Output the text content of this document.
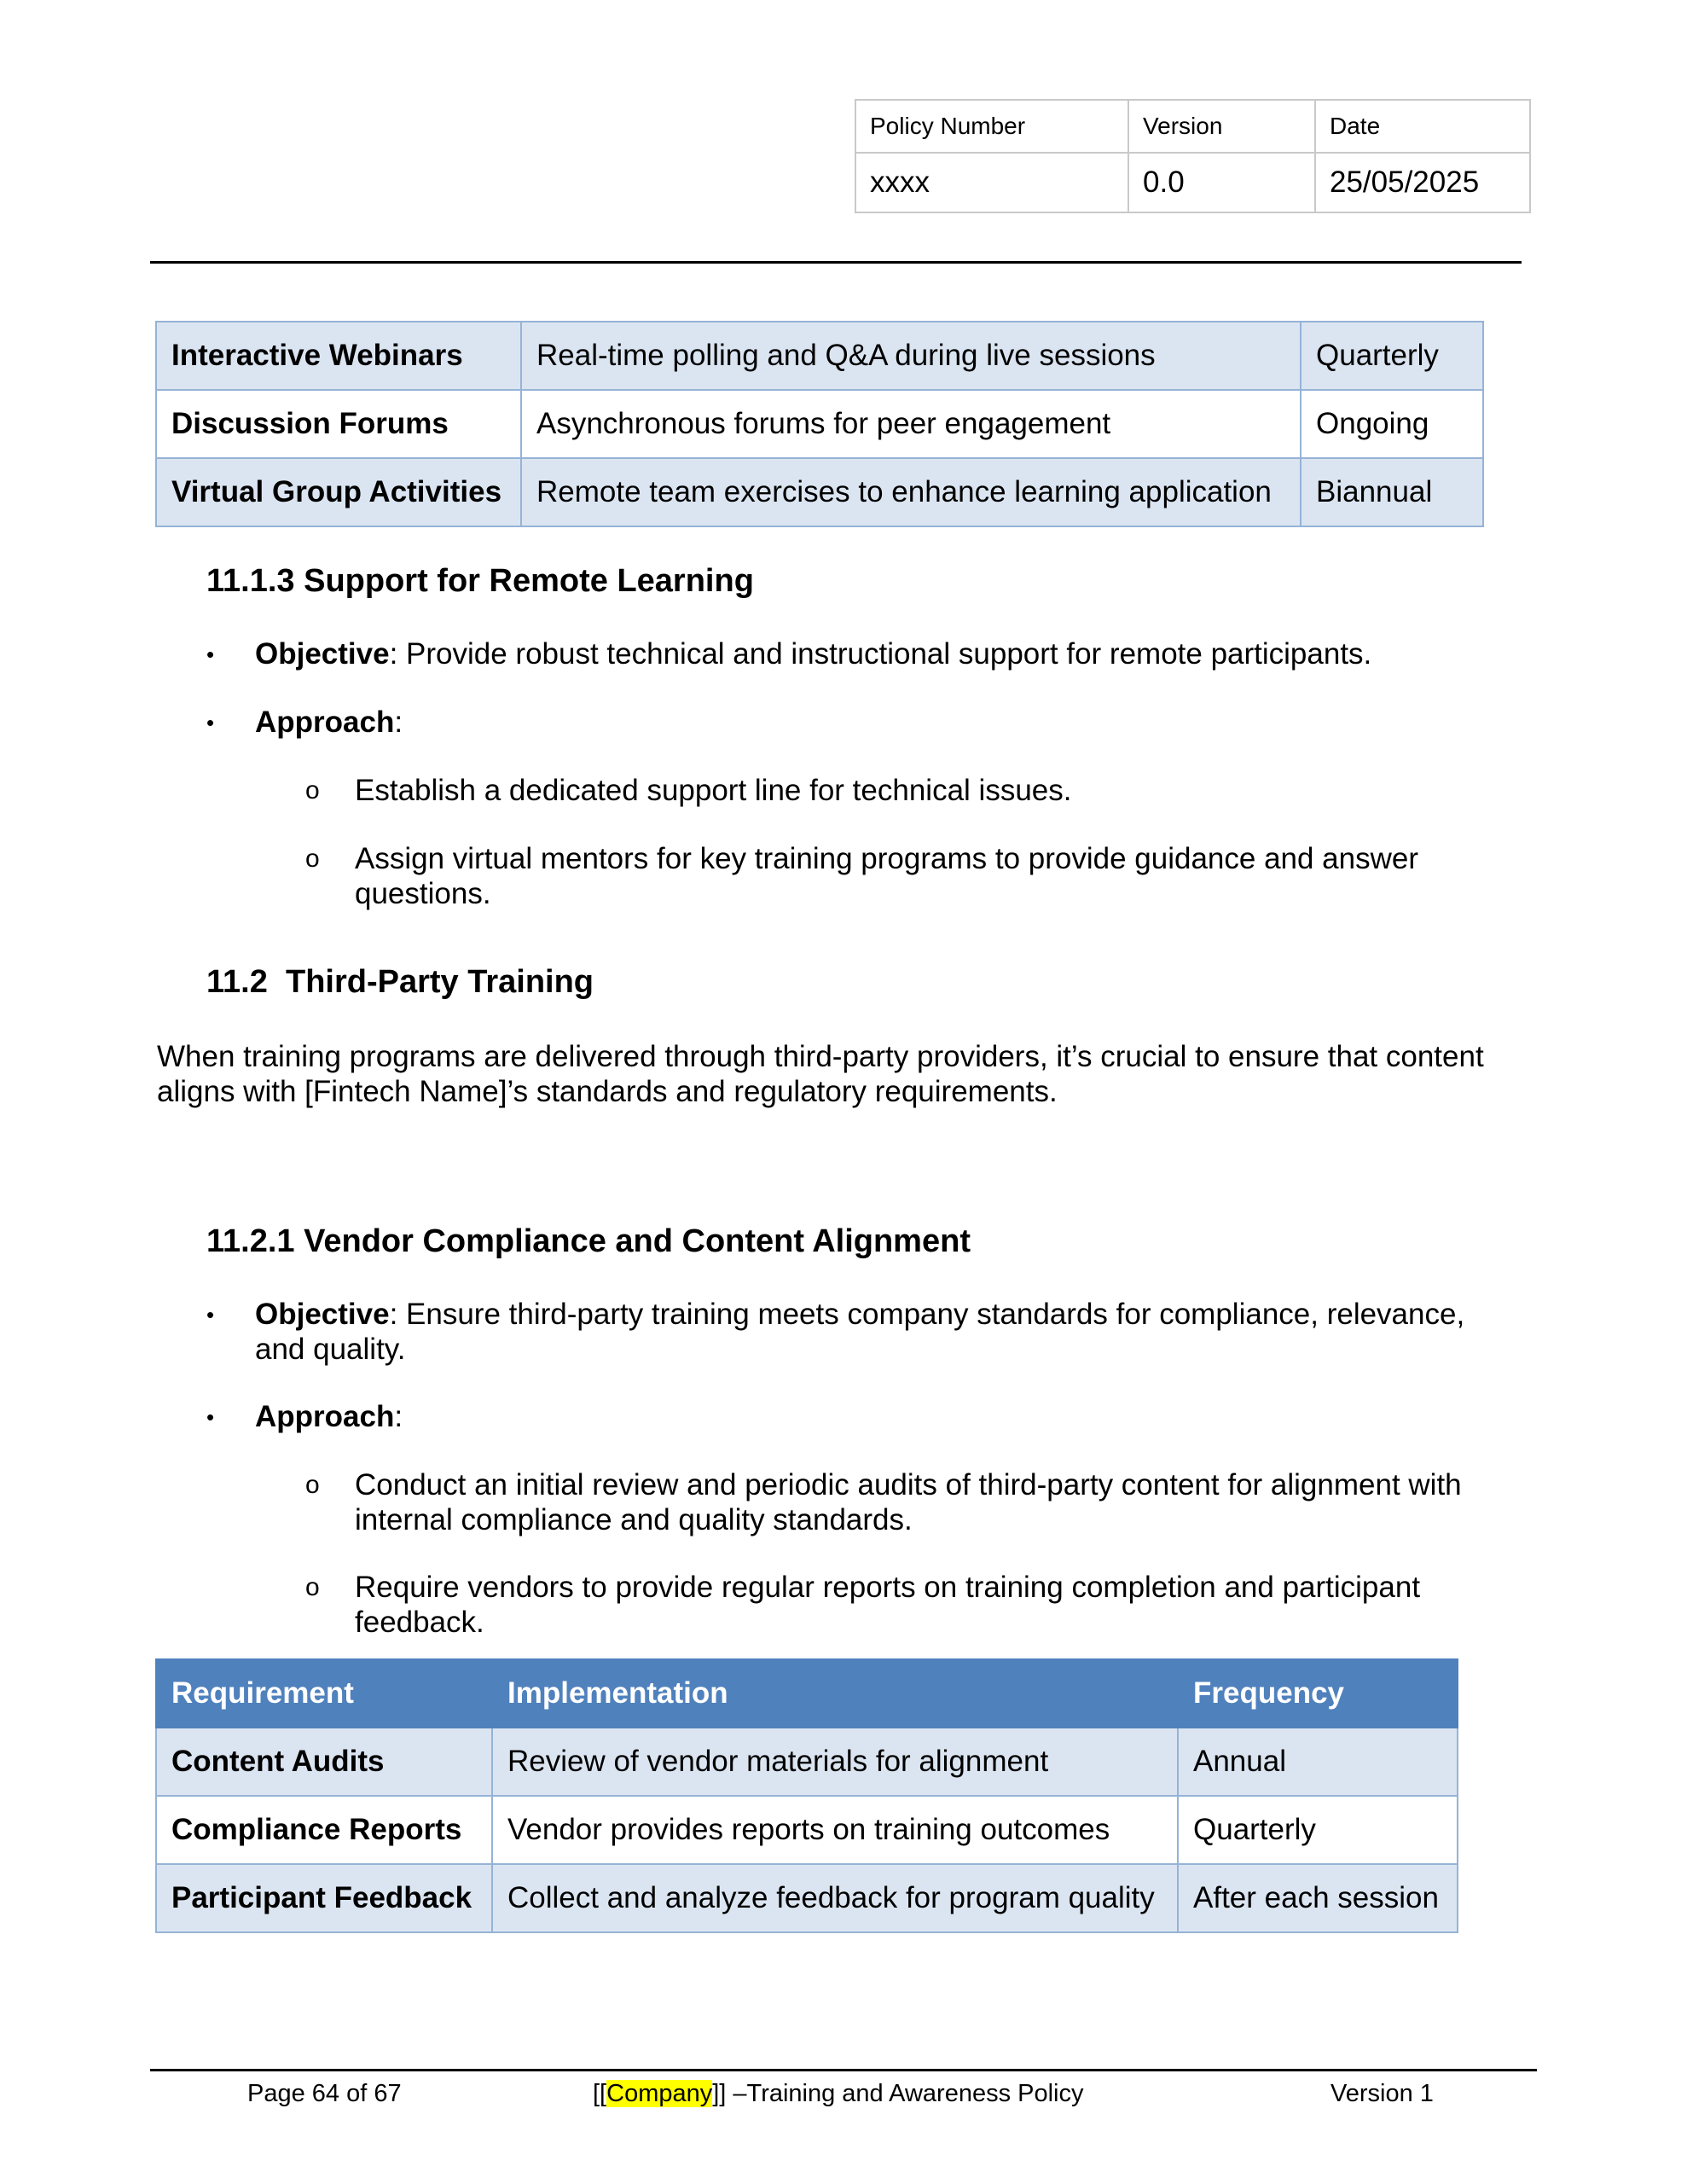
Policy Number	Version	Date
xxxx	0.0	25/05/2025
Interactive Webinars	Real-time polling and Q&A during live sessions	Quarterly
Discussion Forums	Asynchronous forums for peer engagement	Ongoing
Virtual Group Activities	Remote team exercises to enhance learning application	Biannual
11.1.3 Support for Remote Learning
• Objective: Provide robust technical and instructional support for remote participants.
• Approach:
o Establish a dedicated support line for technical issues.
o Assign virtual mentors for key training programs to provide guidance and answer questions.
11.2  Third-Party Training
When training programs are delivered through third-party providers, it’s crucial to ensure that content aligns with [Fintech Name]’s standards and regulatory requirements.
11.2.1 Vendor Compliance and Content Alignment
• Objective: Ensure third-party training meets company standards for compliance, relevance, and quality.
• Approach:
o Conduct an initial review and periodic audits of third-party content for alignment with internal compliance and quality standards.
o Require vendors to provide regular reports on training completion and participant feedback.
Requirement	Implementation	Frequency
Content Audits	Review of vendor materials for alignment	Annual
Compliance Reports	Vendor provides reports on training outcomes	Quarterly
Participant Feedback	Collect and analyze feedback for program quality	After each session
Page 64 of 67	[[Company]] –Training and Awareness Policy	Version 1
